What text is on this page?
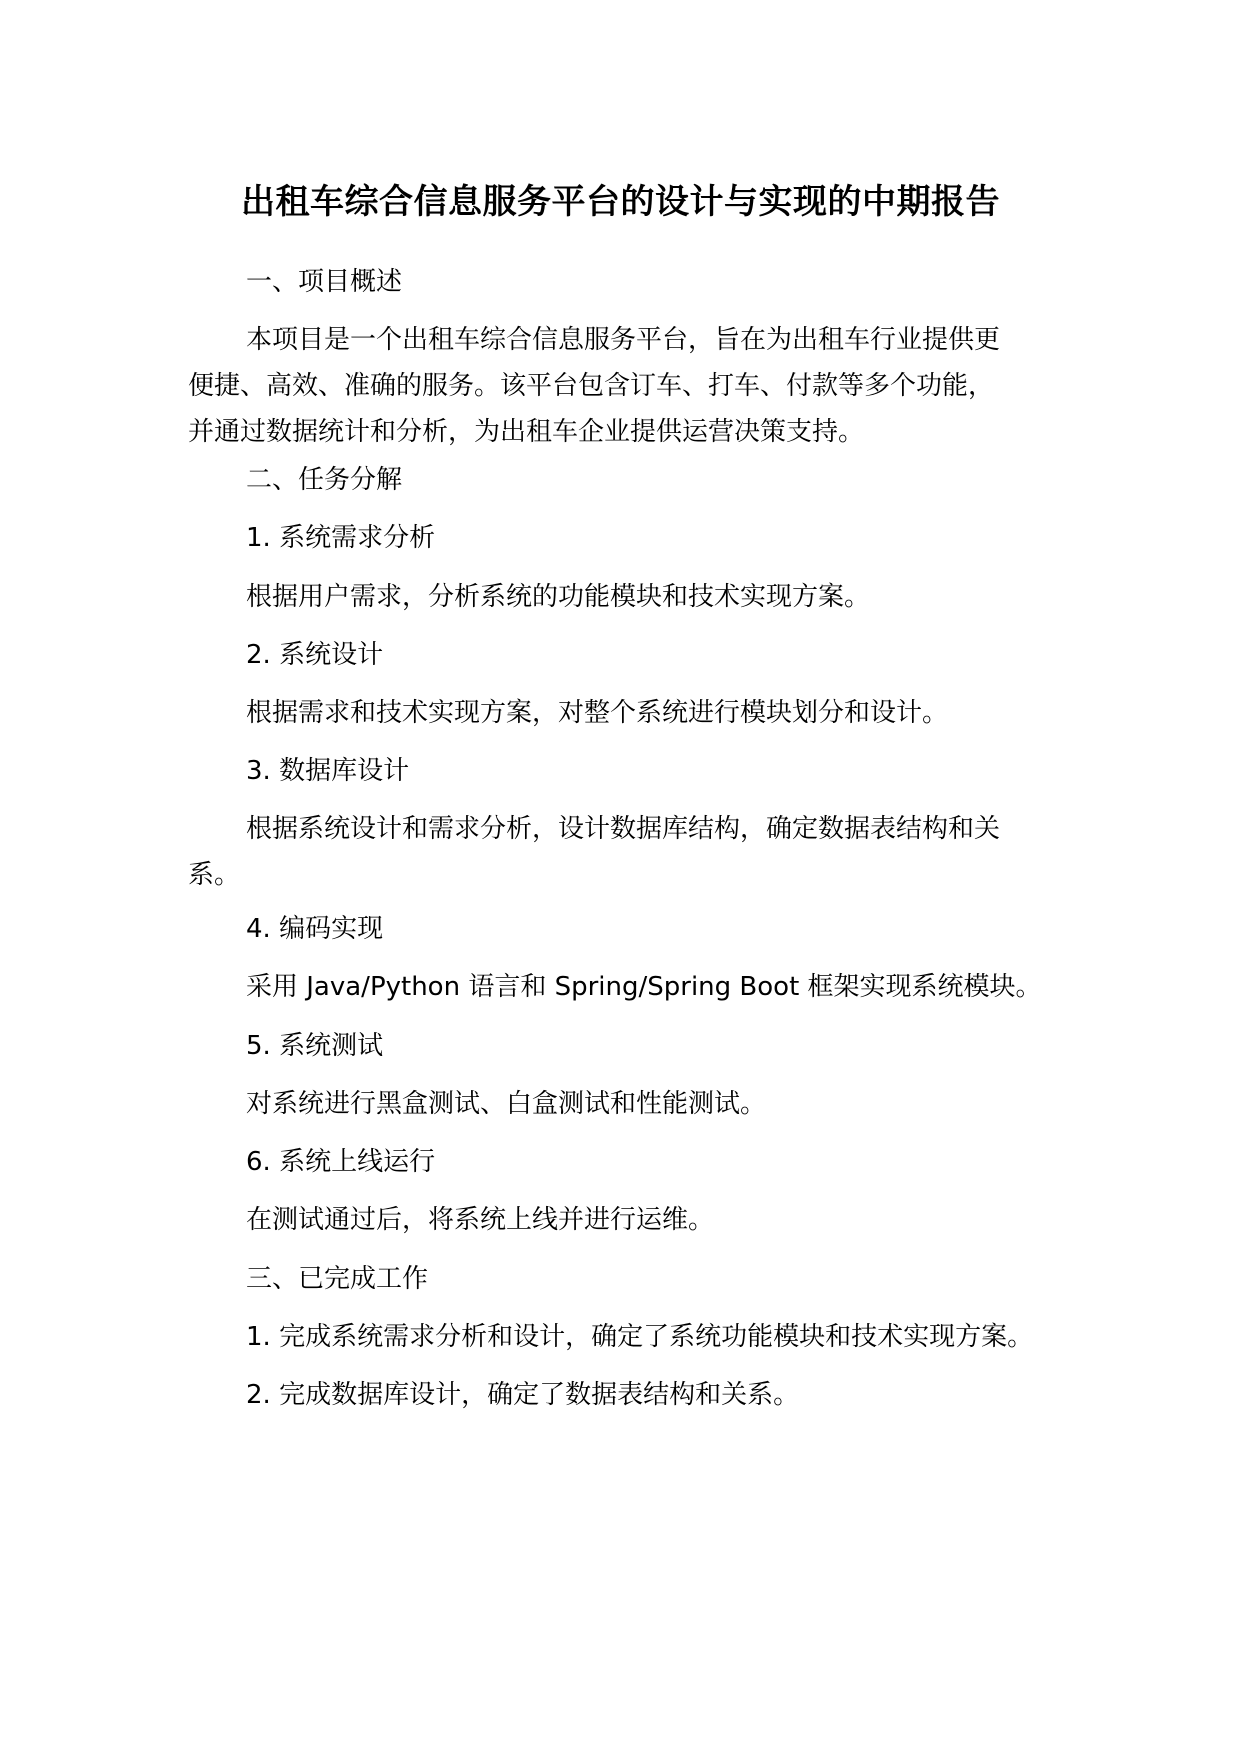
出租车综合信息服务平台的设计与实现的中期报告
一、项目概述
本项目是一个出租车综合信息服务平台，旨在为出租车行业提供更
便捷、高效、准确的服务。该平台包含订车、打车、付款等多个功能，
并通过数据统计和分析，为出租车企业提供运营决策支持。
二、任务分解
1. 系统需求分析
根据用户需求，分析系统的功能模块和技术实现方案。
2. 系统设计
根据需求和技术实现方案，对整个系统进行模块划分和设计。
3. 数据库设计
根据系统设计和需求分析，设计数据库结构，确定数据表结构和关
系。
4. 编码实现
采用 Java/Python 语言和 Spring/Spring Boot 框架实现系统模块。
5. 系统测试
对系统进行黑盒测试、白盒测试和性能测试。
6. 系统上线运行
在测试通过后，将系统上线并进行运维。
三、已完成工作
1. 完成系统需求分析和设计，确定了系统功能模块和技术实现方案。
2. 完成数据库设计，确定了数据表结构和关系。
